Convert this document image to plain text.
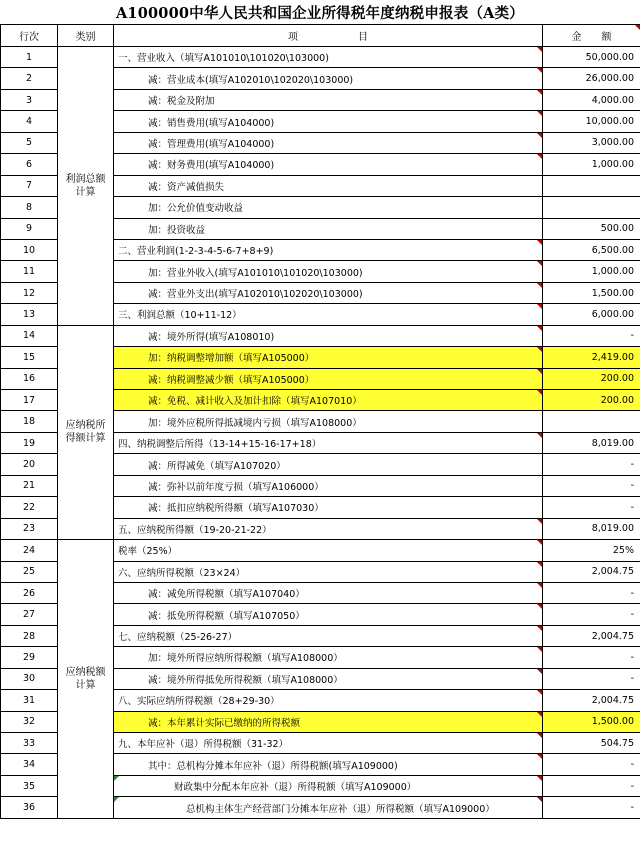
A100000中华人民共和国企业所得税年度纳税申报表（A类）
行次	类别	项　　　　　　目	金　　额

1	利润总额计算	一、营业收入（填写A101010\101020\103000)	50,000.00
2		减：营业成本(填写A102010\102020\103000)	26,000.00
3		减：税金及附加	4,000.00
4		减：销售费用(填写A104000)	10,000.00
5		减：管理费用(填写A104000)	3,000.00
6		减：财务费用(填写A104000)	1,000.00
7		减：资产减值损失	
8		加：公允价值变动收益	
9		加：投资收益	500.00
10		二、营业利润(1-2-3-4-5-6-7+8+9)	6,500.00
11		加：营业外收入(填写A101010\101020\103000)	1,000.00
12		减：营业外支出(填写A102010\102020\103000)	1,500.00
13		三、利润总额（10+11-12）	6,000.00
14	应纳税所得额计算	减：境外所得(填写A108010)	-
15		加：纳税调整增加额（填写A105000）	2,419.00
16		减：纳税调整减少额（填写A105000）	200.00
17		减：免税、减计收入及加计扣除（填写A107010）	200.00
18		加：境外应税所得抵减境内亏损（填写A108000）	
19		四、纳税调整后所得（13-14+15-16-17+18）	8,019.00
20		减：所得减免（填写A107020）	-
21		减：弥补以前年度亏损（填写A106000）	-
22		减：抵扣应纳税所得额（填写A107030）	-
23		五、应纳税所得额（19-20-21-22）	8,019.00
24	应纳税额计算	税率（25%）	25%
25		六、应纳所得税额（23×24）	2,004.75
26		减：减免所得税额（填写A107040）	-
27		减：抵免所得税额（填写A107050）	-
28		七、应纳税额（25-26-27）	2,004.75
29		加：境外所得应纳所得税额（填写A108000）	-
30		减：境外所得抵免所得税额（填写A108000）	-
31		八、实际应纳所得税额（28+29-30）	2,004.75
32		减：本年累计实际已缴纳的所得税额	1,500.00
33		九、本年应补（退）所得税额（31-32）	504.75
34		其中：总机构分摊本年应补（退）所得税额(填写A109000)	-
35		财政集中分配本年应补（退）所得税额（填写A109000）	-
36		总机构主体生产经营部门分摊本年应补（退）所得税额（填写A109000）	-
